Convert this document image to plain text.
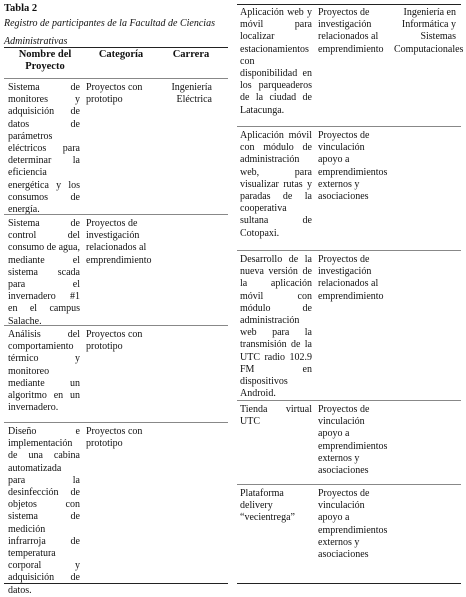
Tabla 2
Registro de participantes de la Facultad de Ciencias Administrativas
Nombre del Proyecto
Categoría	Carrera
Sistema de monitores y adquisición de datos de parámetros eléctricos para determinar la eficiencia energética y los consumos de energía.
Proyectos con prototipo
Ingeniería Eléctrica
Sistema de control del consumo de agua, mediante el sistema scada para el invernadero #1 en el campus Salache.
Proyectos de investigación relacionados al emprendimiento
Análisis del comportamiento térmico y monitoreo mediante un algoritmo en un invernadero.
Proyectos con prototipo
Diseño e implementación de una cabina automatizada para la desinfección de objetos con sistema de medición infrarroja de temperatura corporal y adquisición de datos.
Proyectos con prototipo
Aplicación web y móvil para localizar estacionamientos con disponibilidad en los parqueaderos de la ciudad de Latacunga.
Proyectos de investigación relacionados al emprendimiento
Ingeniería en Informática y Sistemas Computacionales
Aplicación móvil con módulo de administración web, para visualizar rutas y paradas de la cooperativa sultana de Cotopaxi.
Proyectos de vinculación apoyo a emprendimientos externos y asociaciones
Desarrollo de la nueva versión de la aplicación móvil con módulo de administración web para la transmisión de la UTC radio 102.9 FM en dispositivos Android.
Proyectos de investigación relacionados al emprendimiento
Tienda virtual UTC
Proyectos de vinculación apoyo a emprendimientos externos y asociaciones
Plataforma delivery “vecientrega”
Proyectos de vinculación apoyo a emprendimientos externos y asociaciones
